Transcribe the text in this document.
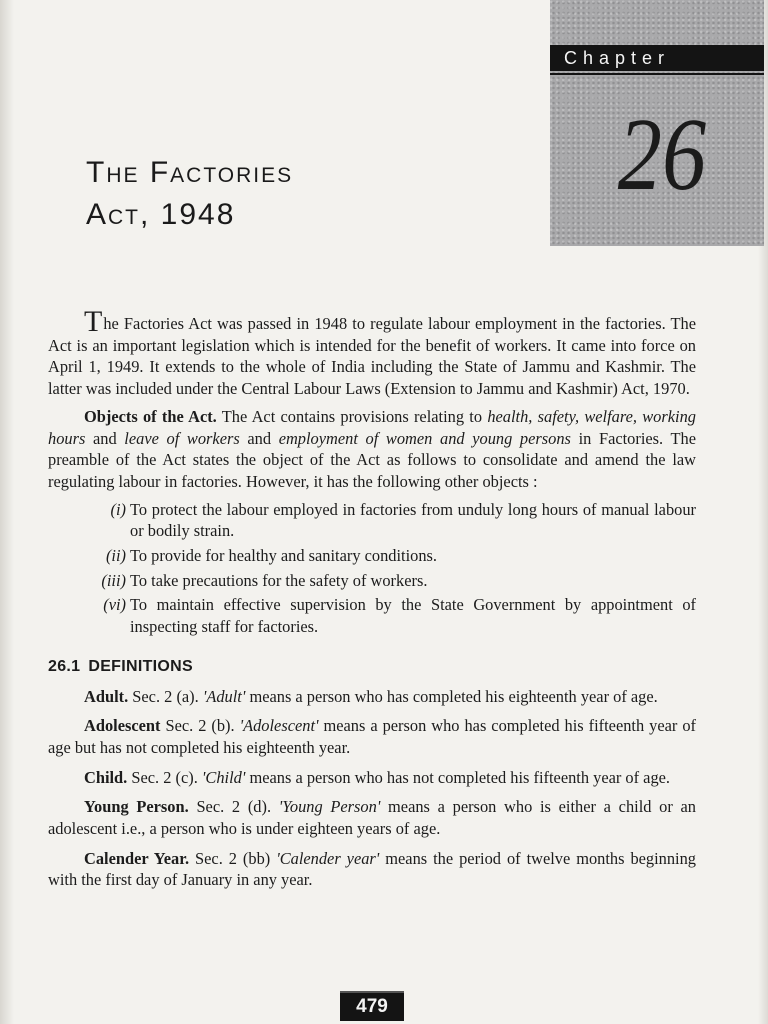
Chapter
26
The Factories
Act, 1948

The Factories Act was passed in 1948 to regulate labour employment in the factories. The Act is an important legislation which is intended for the benefit of workers. It came into force on April 1, 1949. It extends to the whole of India including the State of Jammu and Kashmir. The latter was included under the Central Labour Laws (Extension to Jammu and Kashmir) Act, 1970.

Objects of the Act. The Act contains provisions relating to health, safety, welfare, working hours and leave of workers and employment of women and young persons in Factories. The preamble of the Act states the object of the Act as follows to consolidate and amend the law regulating labour in factories. However, it has the following other objects :

(i) To protect the labour employed in factories from unduly long hours of manual labour or bodily strain.
(ii) To provide for healthy and sanitary conditions.
(iii) To take precautions for the safety of workers.
(vi) To maintain effective supervision by the State Government by appointment of inspecting staff for factories.

26.1 DEFINITIONS

Adult. Sec. 2 (a). 'Adult' means a person who has completed his eighteenth year of age.

Adolescent Sec. 2 (b). 'Adolescent' means a person who has completed his fifteenth year of age but has not completed his eighteenth year.

Child. Sec. 2 (c). 'Child' means a person who has not completed his fifteenth year of age.

Young Person. Sec. 2 (d). 'Young Person' means a person who is either a child or an adolescent i.e., a person who is under eighteen years of age.

Calender Year. Sec. 2 (bb) 'Calender year' means the period of twelve months beginning with the first day of January in any year.

479
